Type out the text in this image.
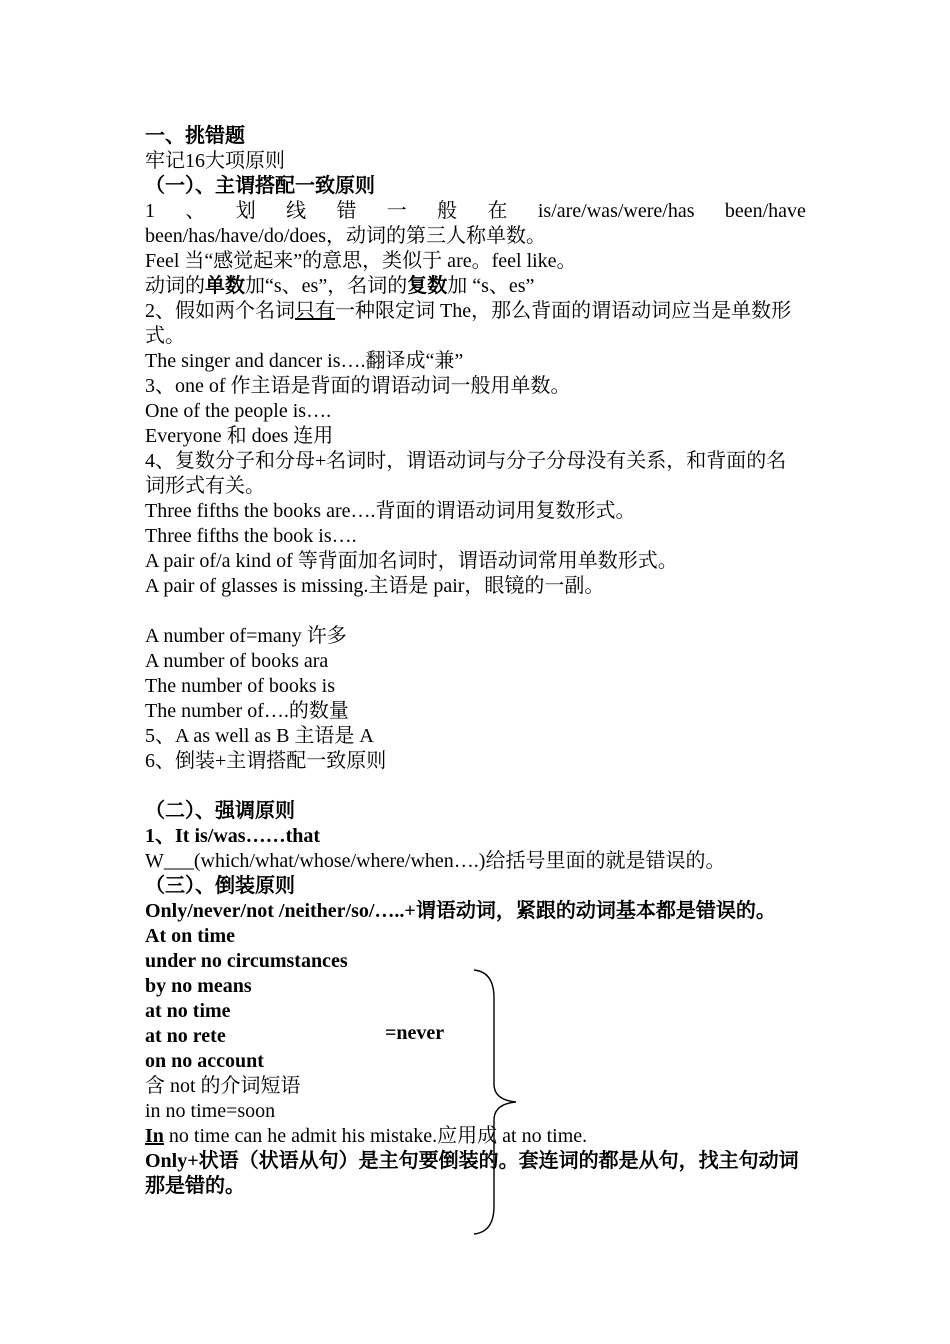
一、挑错题
牢记16大项原则
（一）、主谓搭配一致原则
1 、 划 线 错 一 般 在 is/are/was/were/has been/have
been/has/have/do/does，动词的第三人称单数。
Feel 当“感觉起来”的意思，类似于 are。feel like。
动词的单数加“s、es”，名词的复数加 “s、es”
2、假如两个名词只有一种限定词 The，那么背面的谓语动词应当是单数形式。
The singer and dancer is….翻译成“兼”
3、one of 作主语是背面的谓语动词一般用单数。
One of the people is….
Everyone 和 does 连用
4、复数分子和分母+名词时，谓语动词与分子分母没有关系，和背面的名词形式有关。
Three fifths the books are….背面的谓语动词用复数形式。
Three fifths the book is….
A pair of/a kind of 等背面加名词时，谓语动词常用单数形式。
A pair of glasses is missing.主语是 pair，眼镜的一副。
A number of=many 许多
A number of books ara
The number of books is
The number of….的数量
5、A as well as B 主语是 A
6、倒装+主谓搭配一致原则
（二）、强调原则
1、It is/was……that
W___(which/what/whose/where/when….)给括号里面的就是错误的。
（三）、倒装原则
Only/never/not /neither/so/…..+谓语动词，紧跟的动词基本都是错误的。
At on time
under no circumstances
by no means
at no time
at no rete
on no account
含 not 的介词短语
in no time=soon
In no time can he admit his mistake.应用成 at no time.
Only+状语（状语从句）是主句要倒装的。套连词的都是从句，找主句动词那是错的。
=never
